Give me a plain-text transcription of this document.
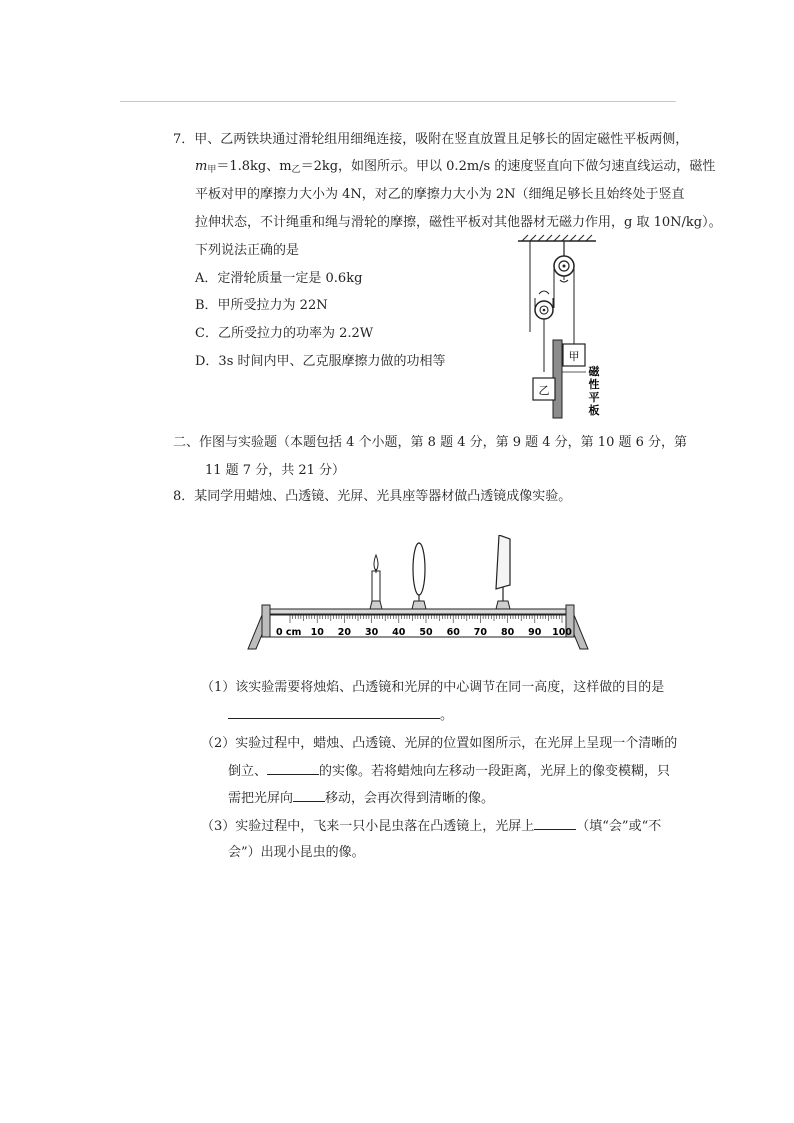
7．甲、乙两铁块通过滑轮组用细绳连接，吸附在竖直放置且足够长的固定磁性平板两侧，
$m_甲=1.8kg$、$m_乙=2kg$，如图所示。甲以 0.2m/s 的速度竖直向下做匀速直线运动，磁性
平板对甲的摩擦力大小为 4N，对乙的摩擦力大小为 2N（细绳足够长且始终处于竖直
拉伸状态，不计绳重和绳与滑轮的摩擦，磁性平板对其他器材无磁力作用，g 取 10N/kg）。
下列说法正确的是
A．定滑轮质量一定是 0.6kg
B．甲所受拉力为 22N
C．乙所受拉力的功率为 2.2W
D．3s 时间内甲、乙克服摩擦力做的功相等	甲
乙
磁
性
平
板
二、作图与实验题（本题包括 4 个小题，第 8 题 4 分，第 9 题 4 分，第 10 题 6 分，第
11 题 7 分，共 21 分）
8．某同学用蜡烛、凸透镜、光屏、光具座等器材做凸透镜成像实验。
0 cm 10 20 30 40 50 60 70 80 90 100
（1）该实验需要将烛焰、凸透镜和光屏的中心调节在同一高度，这样做的目的是
。
（2）实验过程中，蜡烛、凸透镜、光屏的位置如图所示，在光屏上呈现一个清晰的
倒立、	的实像。若将蜡烛向左移动一段距离，光屏上的像变模糊，只
需把光屏向 移动，会再次得到清晰的像。
（3）实验过程中，飞来一只小昆虫落在凸透镜上，光屏上	（填“会”或“不
会”）出现小昆虫的像。
